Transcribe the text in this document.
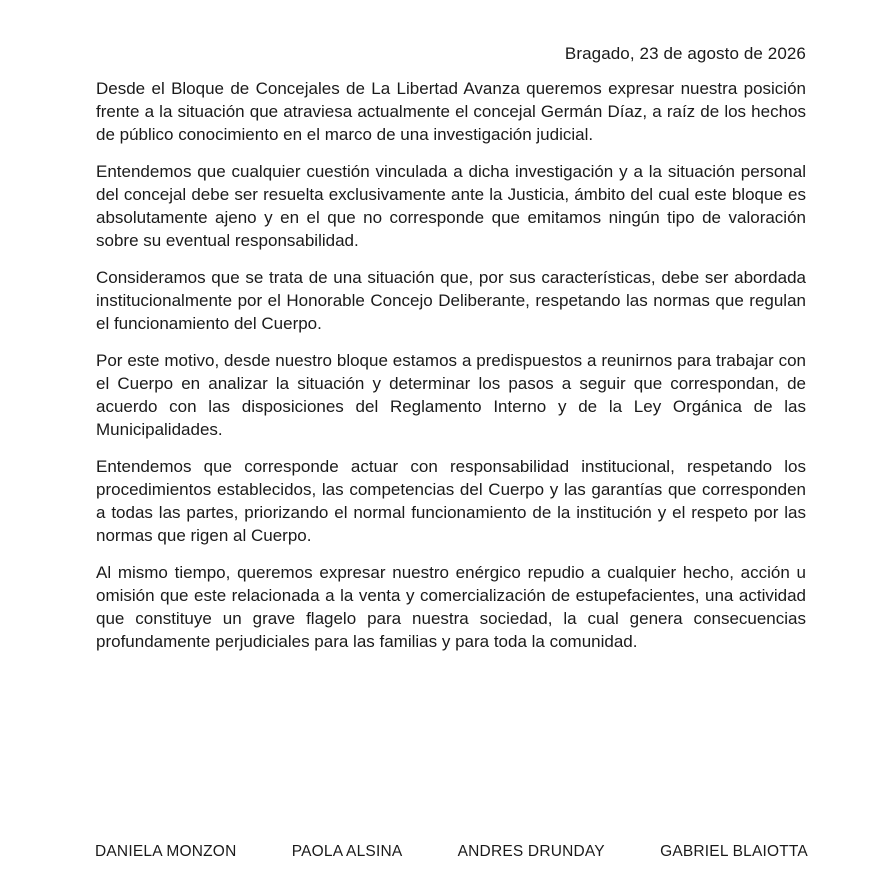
Bragado, 23 de agosto de 2026

Desde el Bloque de Concejales de La Libertad Avanza queremos expresar nuestra posición frente a la situación que atraviesa actualmente el concejal Germán Díaz, a raíz de los hechos de público conocimiento en el marco de una investigación judicial.

Entendemos que cualquier cuestión vinculada a dicha investigación y a la situación personal del concejal debe ser resuelta exclusivamente ante la Justicia, ámbito del cual este bloque es absolutamente ajeno y en el que no corresponde que emitamos ningún tipo de valoración sobre su eventual responsabilidad.

Consideramos que se trata de una situación que, por sus características, debe ser abordada institucionalmente por el Honorable Concejo Deliberante, respetando las normas que regulan el funcionamiento del Cuerpo.

Por este motivo, desde nuestro bloque estamos a predispuestos a reunirnos para trabajar con el Cuerpo en analizar la situación y determinar los pasos a seguir que correspondan, de acuerdo con las disposiciones del Reglamento Interno y de la Ley Orgánica de las Municipalidades.

Entendemos que corresponde actuar con responsabilidad institucional, respetando los procedimientos establecidos, las competencias del Cuerpo y las garantías que corresponden a todas las partes, priorizando el normal funcionamiento de la institución y el respeto por las normas que rigen al Cuerpo.

Al mismo tiempo, queremos expresar nuestro enérgico repudio a cualquier hecho, acción u omisión que este relacionada a la venta y comercialización de estupefacientes, una actividad que constituye un grave flagelo para nuestra sociedad, la cual genera consecuencias profundamente perjudiciales para las familias y para toda la comunidad.

DANIELA MONZON	PAOLA ALSINA	ANDRES DRUNDAY	GABRIEL BLAIOTTA
